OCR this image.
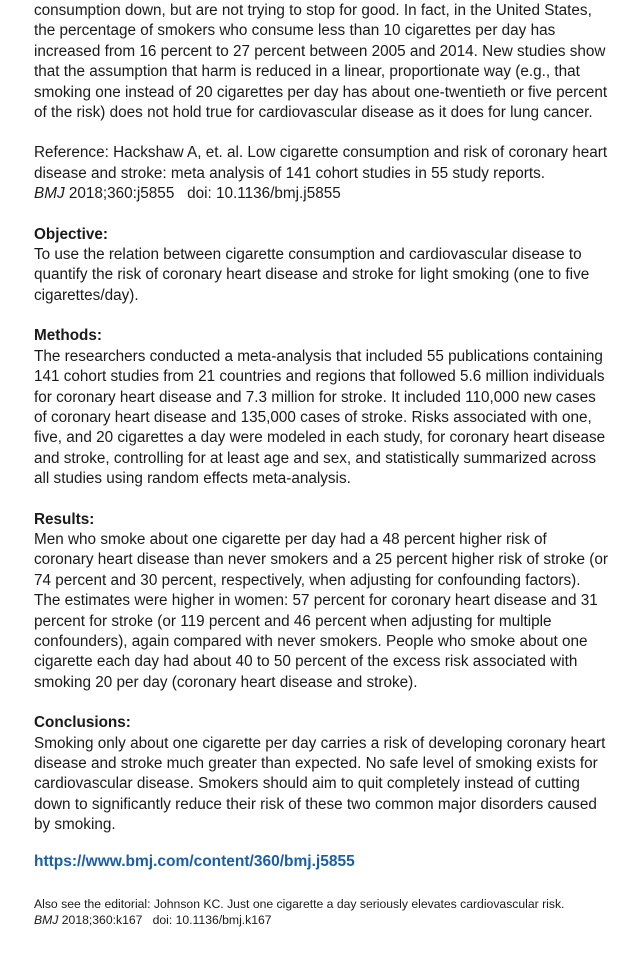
consumption down, but are not trying to stop for good. In fact, in the United States, the percentage of smokers who consume less than 10 cigarettes per day has increased from 16 percent to 27 percent between 2005 and 2014. New studies show that the assumption that harm is reduced in a linear, proportionate way (e.g., that smoking one instead of 20 cigarettes per day has about one-twentieth or five percent of the risk) does not hold true for cardiovascular disease as it does for lung cancer.

Reference: Hackshaw A, et. al. Low cigarette consumption and risk of coronary heart disease and stroke: meta analysis of 141 cohort studies in 55 study reports.
BMJ 2018;360:j5855   doi: 10.1136/bmj.j5855

Objective:

To use the relation between cigarette consumption and cardiovascular disease to quantify the risk of coronary heart disease and stroke for light smoking (one to five cigarettes/day).

Methods:

The researchers conducted a meta-analysis that included 55 publications containing 141 cohort studies from 21 countries and regions that followed 5.6 million individuals for coronary heart disease and 7.3 million for stroke. It included 110,000 new cases of coronary heart disease and 135,000 cases of stroke. Risks associated with one, five, and 20 cigarettes a day were modeled in each study, for coronary heart disease and stroke, controlling for at least age and sex, and statistically summarized across all studies using random effects meta-analysis.

Results:

Men who smoke about one cigarette per day had a 48 percent higher risk of coronary heart disease than never smokers and a 25 percent higher risk of stroke (or 74 percent and 30 percent, respectively, when adjusting for confounding factors). The estimates were higher in women: 57 percent for coronary heart disease and 31 percent for stroke (or 119 percent and 46 percent when adjusting for multiple confounders), again compared with never smokers. People who smoke about one cigarette each day had about 40 to 50 percent of the excess risk associated with smoking 20 per day (coronary heart disease and stroke).

Conclusions:

Smoking only about one cigarette per day carries a risk of developing coronary heart disease and stroke much greater than expected. No safe level of smoking exists for cardiovascular disease. Smokers should aim to quit completely instead of cutting down to significantly reduce their risk of these two common major disorders caused by smoking.

https://www.bmj.com/content/360/bmj.j5855

Also see the editorial: Johnson KC. Just one cigarette a day seriously elevates cardiovascular risk.
BMJ 2018;360:k167   doi: 10.1136/bmj.k167
